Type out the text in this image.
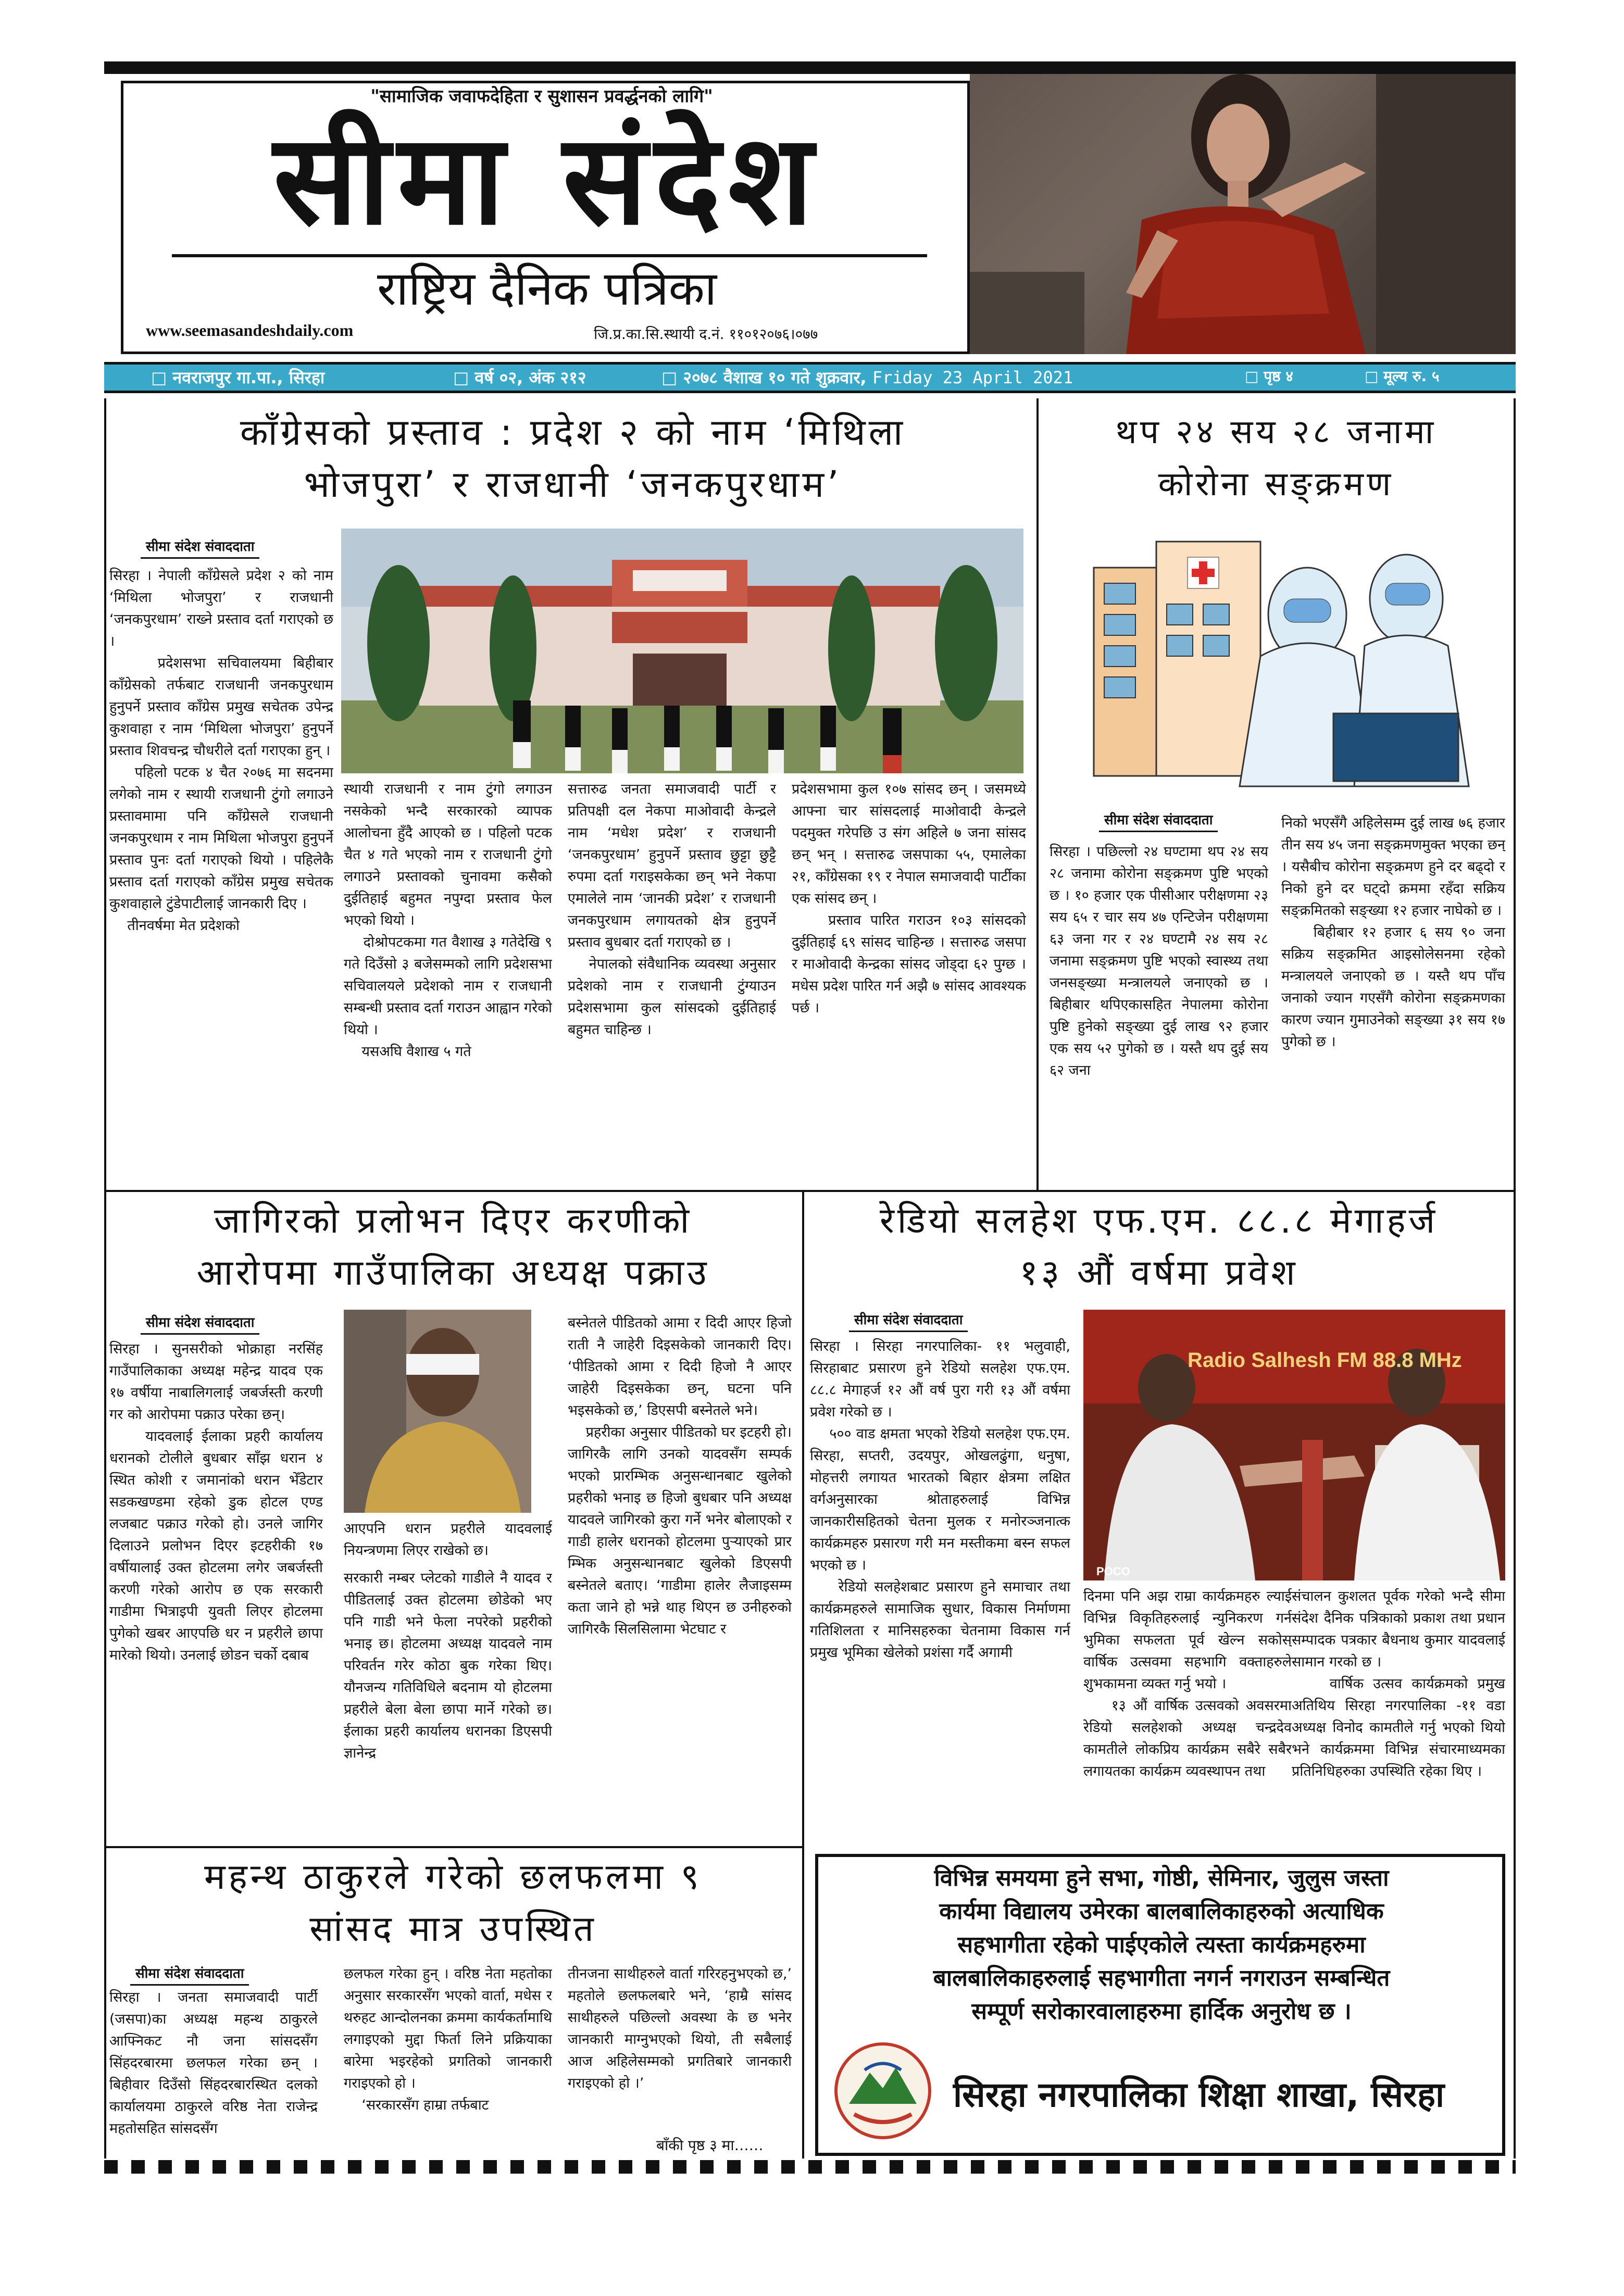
"सामाजिक जवाफदेहिता र सुशासन प्रवर्द्धनको लागि"
सीमा संदेश
राष्ट्रिय दैनिक पत्रिका
www.seemasandeshdaily.com	जि.प्र.का.सि.स्थायी द.नं. ११०१२०७६।०७७
□ नवराजपुर गा.पा., सिरहा	□ वर्ष ०२, अंक २१२	□ २०७८ वैशाख १० गते शुक्रवार, Friday 23 April 2021	□ पृष्ठ ४	□ मूल्य रु. ५
काँग्रेसको प्रस्ताव : प्रदेश २ को नाम ‘मिथिला
भोजपुरा’ र राजधानी ‘जनकपुरधाम’
सीमा संदेश संवाददाता
सिरहा । नेपाली काँग्रेसले प्रदेश २ को नाम ‘मिथिला भोजपुरा’ र राजधानी ‘जनकपुरधाम’ राख्ने प्रस्ताव दर्ता गराएको छ ।
प्रदेशसभा सचिवालयमा बिहीबार काँग्रेसको तर्फबाट राजधानी जनकपुरधाम हुनुपर्ने प्रस्ताव काँग्रेस प्रमुख सचेतक उपेन्द्र कुशवाहा र नाम ‘मिथिला भोजपुरा’ हुनुपर्ने प्रस्ताव शिवचन्द्र चौधरीले दर्ता गराएका हुन् ।
पहिलो पटक ४ चैत २०७६ मा सदनमा लगेको नाम र स्थायी राजधानी टुंगो लगाउने प्रस्तावमामा पनि काँग्रेसले राजधानी जनकपुरधाम र नाम मिथिला भोजपुरा हुनुपर्ने प्रस्ताव पुनः दर्ता गराएको थियो । पहिलेकै प्रस्ताव दर्ता गराएको काँग्रेस प्रमुख सचेतक कुशवाहाले टुंडेपाटीलाई जानकारी दिए ।
तीनवर्षमा मेत प्रदेशको
स्थायी राजधानी र नाम टुंगो लगाउन नसकेको भन्दै सरकारको व्यापक आलोचना हुँदै आएको छ । पहिलो पटक चैत ४ गते भएको नाम र राजधानी टुंगो लगाउने प्रस्तावको चुनावमा कसैको दुईतिहाई बहुमत नपुग्दा प्रस्ताव फेल भएको थियो ।
दोश्रोपटकमा गत वैशाख ३ गतेदेखि ९ गते दिउँसो ३ बजेसम्मको लागि प्रदेशसभा सचिवालयले प्रदेशको नाम र राजधानी सम्बन्धी प्रस्ताव दर्ता गराउन आह्वान गरेको थियो ।
यसअघि वैशाख ५ गते
सत्तारुढ जनता समाजवादी पार्टी र प्रतिपक्षी दल नेकपा माओवादी केन्द्रले नाम ‘मधेश प्रदेश’ र राजधानी ‘जनकपुरधाम’ हुनुपर्ने प्रस्ताव छुट्टा छुट्टै रुपमा दर्ता गराइसकेका छन् भने नेकपा एमालेले नाम ‘जानकी प्रदेश’ र राजधानी जनकपुरधाम लगायतको क्षेत्र हुनुपर्ने प्रस्ताव बुधबार दर्ता गराएको छ ।
नेपालको संवैधानिक व्यवस्था अनुसार प्रदेशको नाम र राजधानी टुंग्याउन प्रदेशसभामा कुल सांसदको दुईतिहाई बहुमत चाहिन्छ ।
प्रदेशसभामा कुल १०७ सांसद छन् । जसमध्ये आफ्ना चार सांसदलाई माओवादी केन्द्रले पदमुक्त गरेपछि उ संग अहिले ७ जना सांसद छन् भन् । सत्तारुढ जसपाका ५५, एमालेका २१, काँग्रेसका १९ र नेपाल समाजवादी पार्टीका एक सांसद छन् ।
प्रस्ताव पारित गराउन १०३ सांसदको दुईतिहाई ६९ सांसद चाहिन्छ । सत्तारुढ जसपा र माओवादी केन्द्रका सांसद जोड्दा ६२ पुग्छ । मधेस प्रदेश पारित गर्न अझै ७ सांसद आवश्यक पर्छ ।
थप २४ सय २८ जनामा
कोरोना सङ्क्रमण
सीमा संदेश संवाददाता
सिरहा । पछिल्लो २४ घण्टामा थप २४ सय २८ जनामा कोरोना सङ्क्रमण पुष्टि भएको छ । १० हजार एक पीसीआर परीक्षणमा २३ सय ६५ र चार सय ४७ एन्टिजेन परीक्षणमा ६३ जना गर र २४ घण्टामै २४ सय २८ जनामा सङ्क्रमण पुष्टि भएको स्वास्थ्य तथा जनसङ्ख्या मन्त्रालयले जनाएको छ । बिहीबार थपिएकासहित नेपालमा कोरोना पुष्टि हुनेको सङ्ख्या दुई लाख ९२ हजार एक सय ५२ पुगेको छ । यस्तै थप दुई सय ६२ जना
निको भएसँगै अहिलेसम्म दुई लाख ७६ हजार तीन सय ४५ जना सङ्क्रमणमुक्त भएका छन् । यसैबीच कोरोना सङ्क्रमण हुने दर बढ्दो र निको हुने दर घट्दो क्रममा रहँदा सक्रिय सङ्क्रमितको सङ्ख्या १२ हजार नाघेको छ ।
बिहीबार १२ हजार ६ सय ९० जना सक्रिय सङ्क्रमित आइसोलेसनमा रहेको मन्त्रालयले जनाएको छ । यस्तै थप पाँच जनाको ज्यान गएसँगै कोरोना सङ्क्रमणका कारण ज्यान गुमाउनेको सङ्ख्या ३१ सय १७ पुगेको छ ।
जागिरको प्रलोभन दिएर करणीको
आरोपमा गाउँपालिका अध्यक्ष पक्राउ
सीमा संदेश संवाददाता
सिरहा । सुनसरीको भोक्राहा नरसिंह गाउँपालिकाका अध्यक्ष महेन्द्र यादव एक १७ वर्षीया नाबालिगलाई जबर्जस्ती करणी गर को आरोपमा पक्राउ परेका छन्।
यादवलाई ईलाका प्रहरी कार्यालय धरानको टोलीले बुधबार साँझ धरान ४ स्थित कोशी र जमानांको धरान भेँडेटार सडकखण्डमा रहेको डुक होटल एण्ड लजबाट पक्राउ गरेको हो। उनले जागिर दिलाउने प्रलोभन दिएर इटहरीकी १७ वर्षीयालाई उक्त होटलमा लगेर जबर्जस्ती करणी गरेको आरोप छ एक सरकारी गाडीमा भित्राइपी युवती लिएर होटलमा पुगेको खबर आएपछि धर न प्रहरीले छापा मारेको थियो। उनलाई छोडन चर्को दबाब
आएपनि धरान प्रहरीले यादवलाई नियन्त्रणमा लिएर राखेको छ।
सरकारी नम्बर प्लेटको गाडीले नै यादव र पीडितलाई उक्त होटलमा छोडेको भए पनि गाडी भने फेला नपरेको प्रहरीको भनाइ छ। होटलमा अध्यक्ष यादवले नाम परिवर्तन गरेर कोठा बुक गरेका थिए। यौनजन्य गतिविधिले बदनाम यो होटलमा प्रहरीले बेला बेला छापा मार्ने गरेको छ। ईलाका प्रहरी कार्यालय धरानका डिएसपी ज्ञानेन्द्र
बस्नेतले पीडितको आमा र दिदी आएर हिजो राती नै जाहेरी दिइसकेको जानकारी दिए। ‘पीडितको आमा र दिदी हिजो नै आएर जाहेरी दिइसकेका छन्, घटना पनि भइसकेको छ,’ डिएसपी बस्नेतले भने।
प्रहरीका अनुसार पीडितको घर इटहरी हो। जागिरकै लागि उनको यादवसँग सम्पर्क भएको प्रारम्भिक अनुसन्धानबाट खुलेको प्रहरीको भनाइ छ हिजो बुधबार पनि अध्यक्ष यादवले जागिरको कुरा गर्ने भनेर बोलाएको र गाडी हालेर धरानको होटलमा पुऱ्याएको प्रार म्भिक अनुसन्धानबाट खुलेको डिएसपी बस्नेतले बताए। ‘गाडीमा हालेर लैजाइसम्म कता जाने हो भन्ने थाह थिएन छ उनीहरुको जागिरकै सिलसिलामा भेटघाट र
रेडियो सलहेश एफ.एम. ८८.८ मेगाहर्ज
१३ औं वर्षमा प्रवेश
सीमा संदेश संवाददाता
सिरहा । सिरहा नगरपालिका- ११ भलुवाही, सिरहाबाट प्रसारण हुने रेडियो सलहेश एफ.एम. ८८.८ मेगाहर्ज १२ औं वर्ष पुरा गरी १३ औं वर्षमा प्रवेश गरेको छ ।
५०० वाड क्षमता भएको रेडियो सलहेश एफ.एम. सिरहा, सप्तरी, उदयपुर, ओखलढुंगा, धनुषा, मोहत्तरी लगायत भारतको बिहार क्षेत्रमा लक्षित वर्गअनुसारका श्रोताहरुलाई विभिन्न जानकारीसहितको चेतना मुलक र मनोरञ्जनात्क कार्यक्रमहरु प्रसारण गरी मन मस्तीकमा बस्न सफल भएको छ ।
रेडियो सलहेशबाट प्रसारण हुने समाचार तथा कार्यक्रमहरुले सामाजिक सुधार, विकास निर्माणमा गतिशिलता र मानिसहरुका चेतनामा विकास गर्न प्रमुख भूमिका खेलेको प्रशंसा गर्दै अगामी
Radio Salhesh FM 88.8 MHz
POCO
दिनमा पनि अझ राम्रा कार्यक्रमहरु ल्याई विभिन्न विकृतिहरुलाई न्युनिकरण गर्न भुमिका सफलता पूर्व खेल्न सकोस् वार्षिक उत्सवमा सहभागि वक्ताहरुले शुभकामना व्यक्त गर्नु भयो ।
१३ औं वार्षिक उत्सवको अवसरमा रेडियो सलहेशको अध्यक्ष चन्द्रदेव कामतीले लोकप्रिय कार्यक्रम सबैरे सबैर लगायतका कार्यक्रम व्यवस्थापन तथा
संचालन कुशलत पूर्वक गरेको भन्दै सीमा संदेश दैनिक पत्रिकाको प्रकाश तथा प्रधान सम्पादक पत्रकार बैधनाथ कुमार यादवलाई सामान गरको छ ।
वार्षिक उत्सव कार्यक्रमको प्रमुख अतिथिय सिरहा नगरपालिका -११ वडा अध्यक्ष विनोद कामतीले गर्नु भएको थियो भने कार्यक्रममा विभिन्न संचारमाध्यमका प्रतिनिधिहरुका उपस्थिति रहेका थिए ।
महन्थ ठाकुरले गरेको छलफलमा ९
सांसद मात्र उपस्थित
सीमा संदेश संवाददाता
सिरहा । जनता समाजवादी पार्टी (जसपा)का अध्यक्ष महन्थ ठाकुरले आफ्निकट नौ जना सांसदसँग सिंहदरबारमा छलफल गरेका छन् । बिहीवार दिउँसो सिंहदरबारस्थित दलको कार्यालयमा ठाकुरले वरिष्ठ नेता राजेन्द्र महतोसहित सांसदसँग
छलफल गरेका हुन् । वरिष्ठ नेता महतोका अनुसार सरकारसँग भएको वार्ता, मधेस र थरुहट आन्दोलनका क्रममा कार्यकर्तामाथि लगाइएको मुद्दा फिर्ता लिने प्रक्रियाका बारेमा भइरहेको प्रगतिको जानकारी गराइएको हो ।
‘सरकारसँग हाम्रा तर्फबाट
तीनजना साथीहरुले वार्ता गरिरहनुभएको छ,’ महतोले छलफलबारे भने, ‘हाम्रै सांसद साथीहरुले पछिल्लो अवस्था के छ भनेर जानकारी माग्नुभएको थियो, ती सबैलाई आज अहिलेसम्मको प्रगतिबारे जानकारी गराइएको हो ।’
बाँकी पृष्ठ ३ मा……
विभिन्न समयमा हुने सभा, गोष्ठी, सेमिनार, जुलुस जस्ता
कार्यमा विद्यालय उमेरका बालबालिकाहरुको अत्याधिक
सहभागीता रहेको पाईएकोले त्यस्ता कार्यक्रमहरुमा
बालबालिकाहरुलाई सहभागीता नगर्न नगराउन सम्बन्धित
सम्पूर्ण सरोकारवालाहरुमा हार्दिक अनुरोध छ ।
सिरहा नगरपालिका शिक्षा शाखा, सिरहा
